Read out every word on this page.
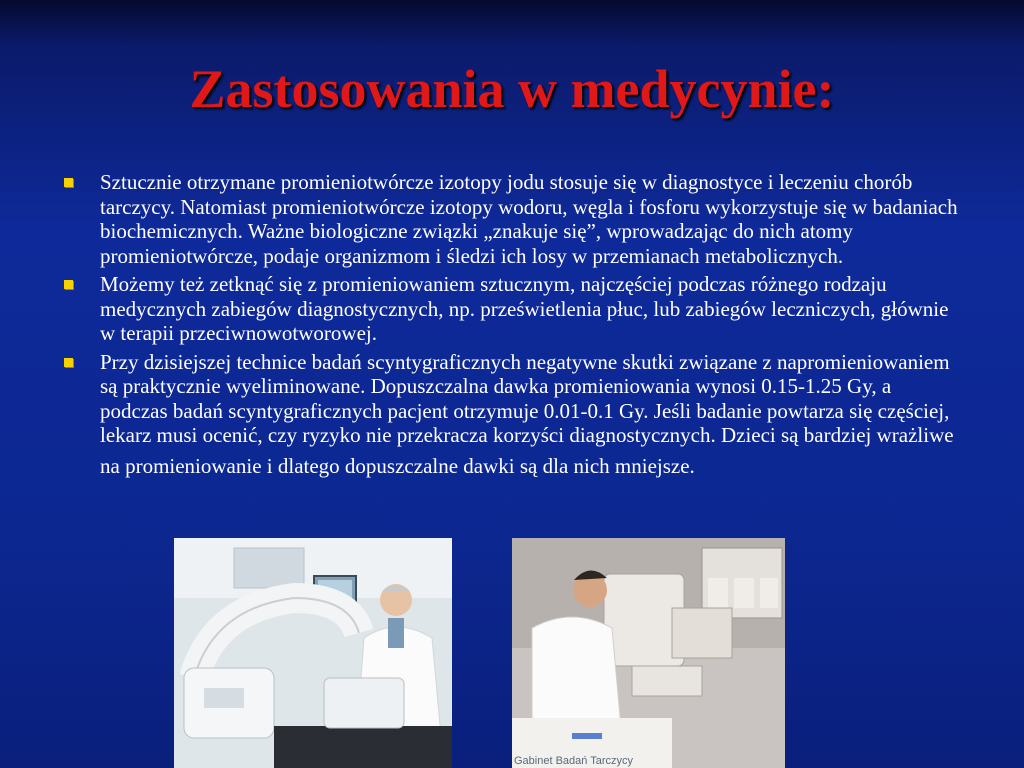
Zastosowania w medycynie:
Sztucznie otrzymane promieniotwórcze izotopy jodu stosuje się w diagnostyce i leczeniu chorób tarczycy. Natomiast promieniotwórcze izotopy wodoru, węgla i fosforu wykorzystuje się w badaniach biochemicznych. Ważne biologiczne związki „znakuje się”, wprowadzając do nich atomy promieniotwórcze, podaje organizmom i śledzi ich losy w przemianach metabolicznych.
Możemy też zetknąć się z promieniowaniem sztucznym, najczęściej podczas różnego rodzaju medycznych zabiegów diagnostycznych, np. prześwietlenia płuc, lub zabiegów leczniczych, głównie w terapii przeciwnowotworowej.
Przy dzisiejszej technice badań scyntygraficznych negatywne skutki związane z napromieniowaniem są praktycznie wyeliminowane. Dopuszczalna dawka promieniowania wynosi 0.15-1.25 Gy, a podczas badań scyntygraficznych pacjent otrzymuje 0.01-0.1 Gy. Jeśli badanie powtarza się częściej, lekarz musi ocenić, czy ryzyko nie przekracza korzyści diagnostycznych. Dzieci są bardziej wrażliwe na promieniowanie i dlatego dopuszczalne dawki są dla nich mniejsze.
Gabinet Badań Tarczycy
